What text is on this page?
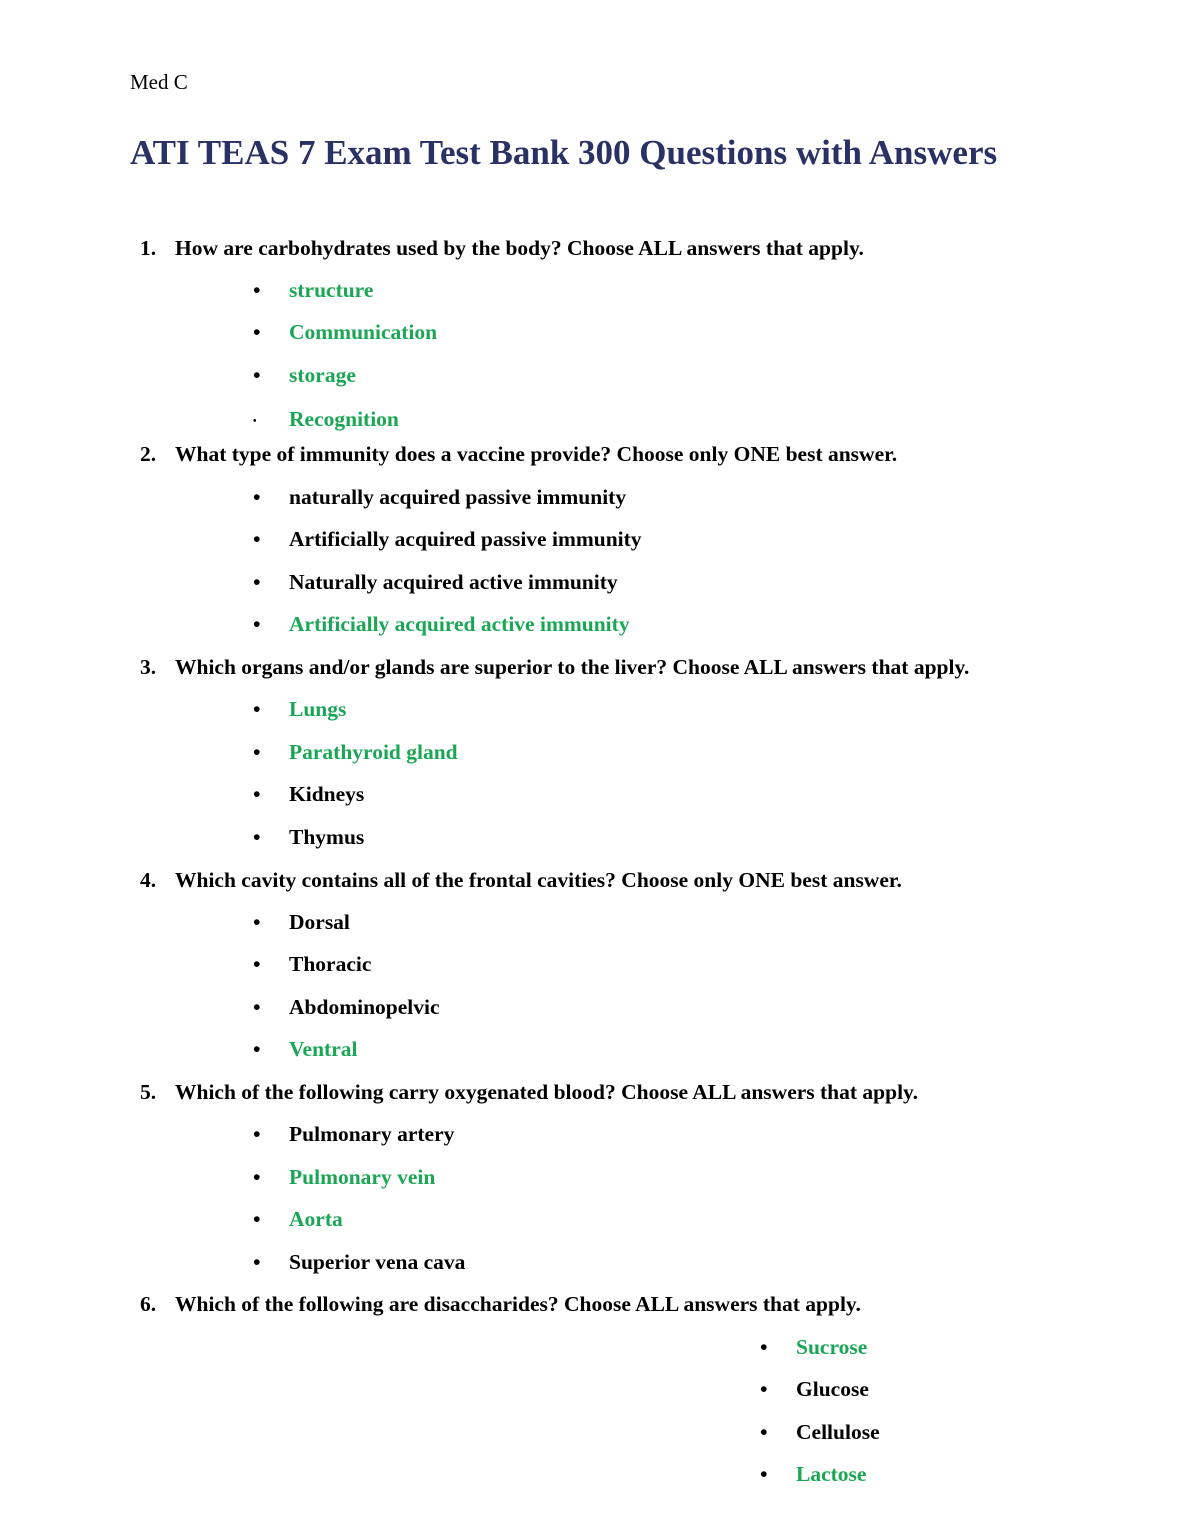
Med C
ATI TEAS 7 Exam Test Bank 300 Questions with Answers
1. How are carbohydrates used by the body? Choose ALL answers that apply.
• structure
• Communication
• storage
• Recognition
2. What type of immunity does a vaccine provide? Choose only ONE best answer.
• naturally acquired passive immunity
• Artificially acquired passive immunity
• Naturally acquired active immunity
• Artificially acquired active immunity
3. Which organs and/or glands are superior to the liver? Choose ALL answers that apply.
• Lungs
• Parathyroid gland
• Kidneys
• Thymus
4. Which cavity contains all of the frontal cavities? Choose only ONE best answer.
• Dorsal
• Thoracic
• Abdominopelvic
• Ventral
5. Which of the following carry oxygenated blood? Choose ALL answers that apply.
• Pulmonary artery
• Pulmonary vein
• Aorta
• Superior vena cava
6. Which of the following are disaccharides? Choose ALL answers that apply.
• Sucrose
• Glucose
• Cellulose
• Lactose
